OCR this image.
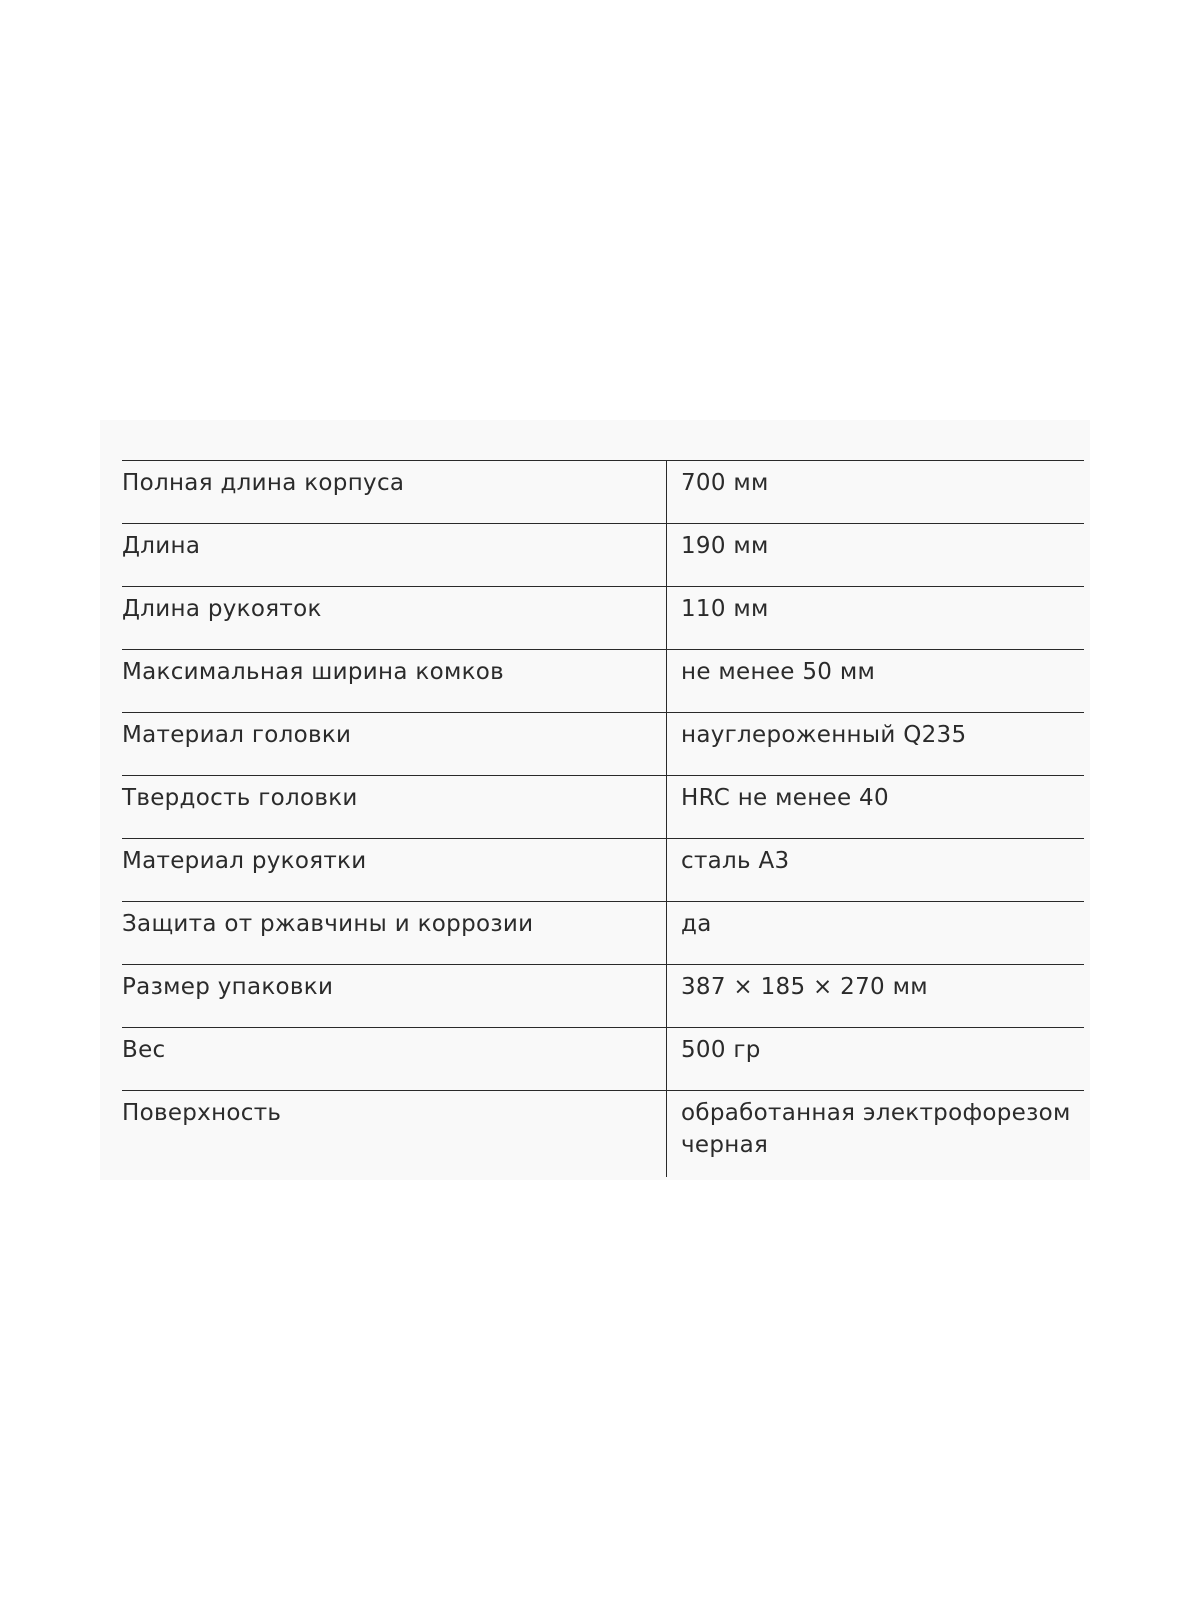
Полная длина корпуса	700 мм
Длина	190 мм
Длина рукояток	110 мм
Максимальная ширина комков	не менее 50 мм
Материал головки	науглероженный Q235
Твердость головки	HRC не менее 40
Материал рукоятки	сталь А3
Защита от ржавчины и коррозии	да
Размер упаковки	387 × 185 × 270 мм
Вес	500 гр
Поверхность	обработанная электрофорезом черная
